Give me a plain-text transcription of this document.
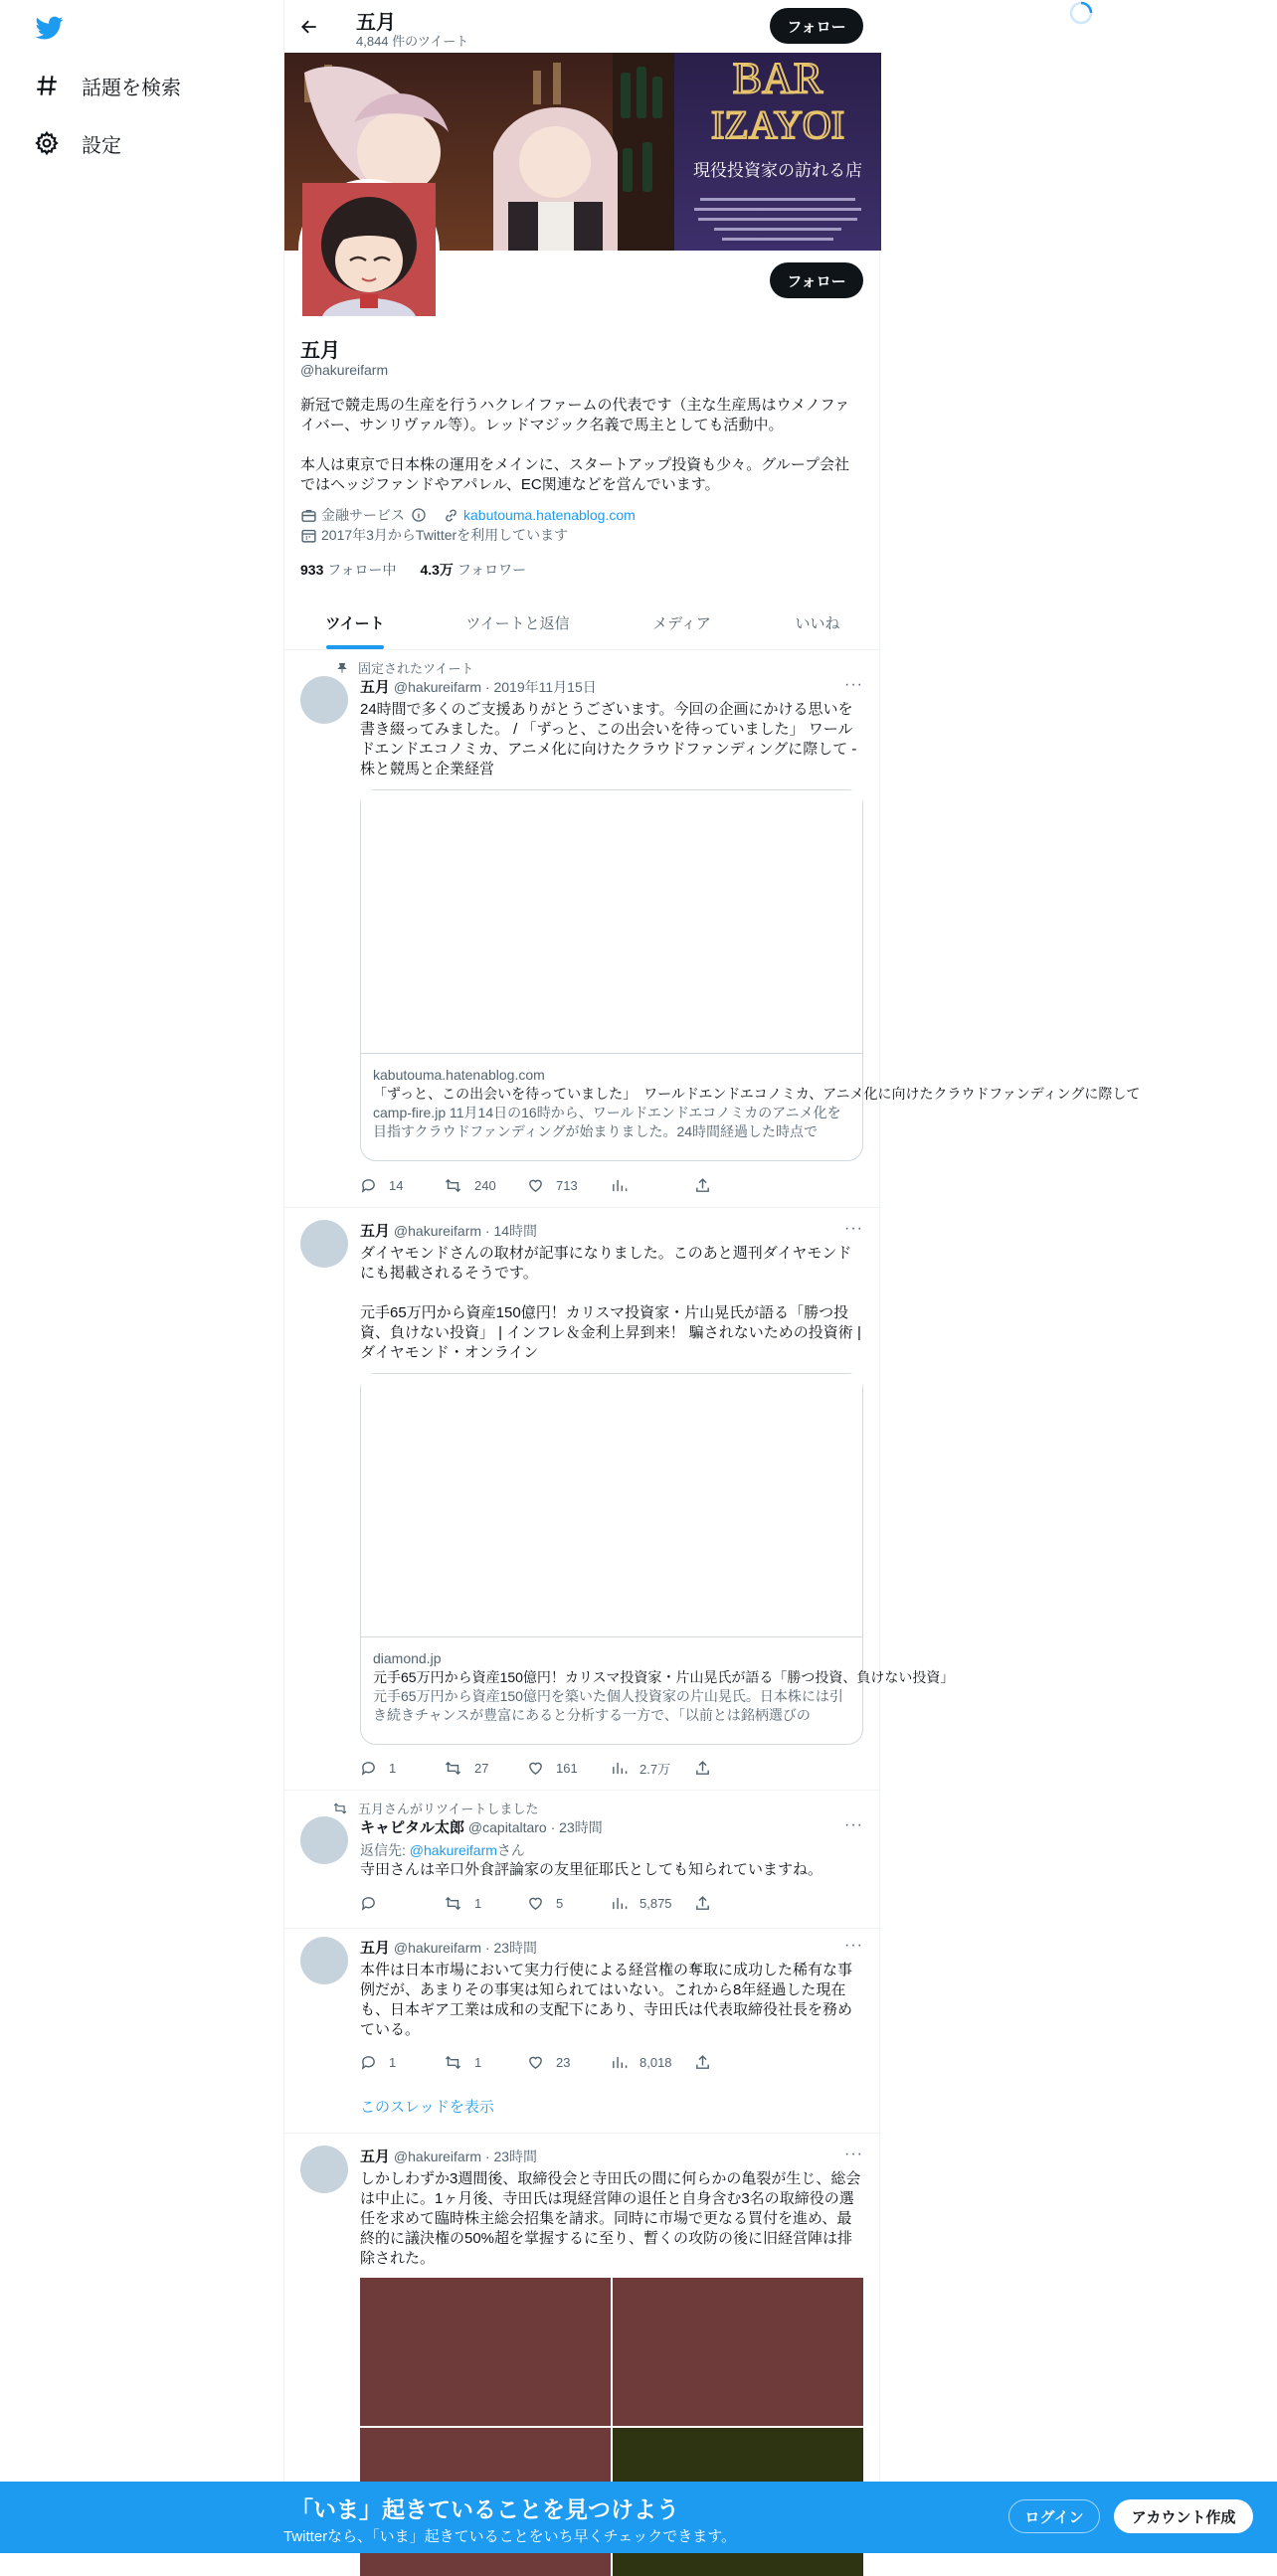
話題を検索
設定
五月
4,844 件のツイート
フォロー
BAR
IZAYOI
現役投資家の訪れる店
フォロー
五月
@hakureifarm

新冠で競走馬の生産を行うハクレイファームの代表です（主な生産馬はウメノファイバー、サンリヴァル等）。レッドマジック名義で馬主としても活動中。

本人は東京で日本株の運用をメインに、スタートアップ投資も少々。グループ会社ではヘッジファンドやアパレル、EC関連などを営んでいます。

金融サービス	kabutouma.hatenablog.com
2017年3月からTwitterを利用しています
933 フォロー中 4.3万 フォロワー
ツイート	ツイートと返信	メディア	いいね
固定されたツイート
五月 @hakureifarm · 2019年11月15日	···
24時間で多くのご支援ありがとうございます。今回の企画にかける思いを書き綴ってみました。 / 「ずっと、この出会いを待っていました」 ワールドエンドエコノミカ、アニメ化に向けたクラウドファンディングに際して - 株と競馬と企業経営
kabutouma.hatenablog.com
「ずっと、この出会いを待っていました」　ワールドエンドエコノミカ、アニメ化に向けたクラウドファンディングに際して
camp-fire.jp 11月14日の16時から、ワールドエンドエコノミカのアニメ化を目指すクラウドファンディングが始まりました。24時間経過した時点で
14	240	713
五月 @hakureifarm · 14時間	···

ダイヤモンドさんの取材が記事になりました。このあと週刊ダイヤモンドにも掲載されるそうです。

元手65万円から資産150億円！カリスマ投資家・片山晃氏が語る「勝つ投資、負けない投資」 | インフレ＆金利上昇到来！ 騙されないための投資術 | ダイヤモンド・オンライン

diamond.jp
元手65万円から資産150億円！カリスマ投資家・片山晃氏が語る「勝つ投資、負けない投資」
元手65万円から資産150億円を築いた個人投資家の片山晃氏。日本株には引き続きチャンスが豊富にあると分析する一方で、「以前とは銘柄選びの
1	27	161	2.7万
五月さんがリツイートしました
キャピタル太郎 @capitaltaro · 23時間	···
返信先: @hakureifarmさん
寺田さんは辛口外食評論家の友里征耶氏としても知られていますね。
1	5	5,875
五月 @hakureifarm · 23時間	···
本件は日本市場において実力行使による経営権の奪取に成功した稀有な事例だが、あまりその事実は知られてはいない。これから8年経過した現在も、日本ギア工業は成和の支配下にあり、寺田氏は代表取締役社長を務めている。
1	1	23	8,018
このスレッドを表示
五月 @hakureifarm · 23時間	···
しかしわずか3週間後、取締役会と寺田氏の間に何らかの亀裂が生じ、総会は中止に。1ヶ月後、寺田氏は現経営陣の退任と自身含む3名の取締役の選任を求めて臨時株主総会招集を請求。同時に市場で更なる買付を進め、最終的に議決権の50%超を掌握するに至り、暫くの攻防の後に旧経営陣は排除された。
「いま」起きていることを見つけよう
Twitterなら、「いま」起きていることをいち早くチェックできます。
ログイン	アカウント作成
